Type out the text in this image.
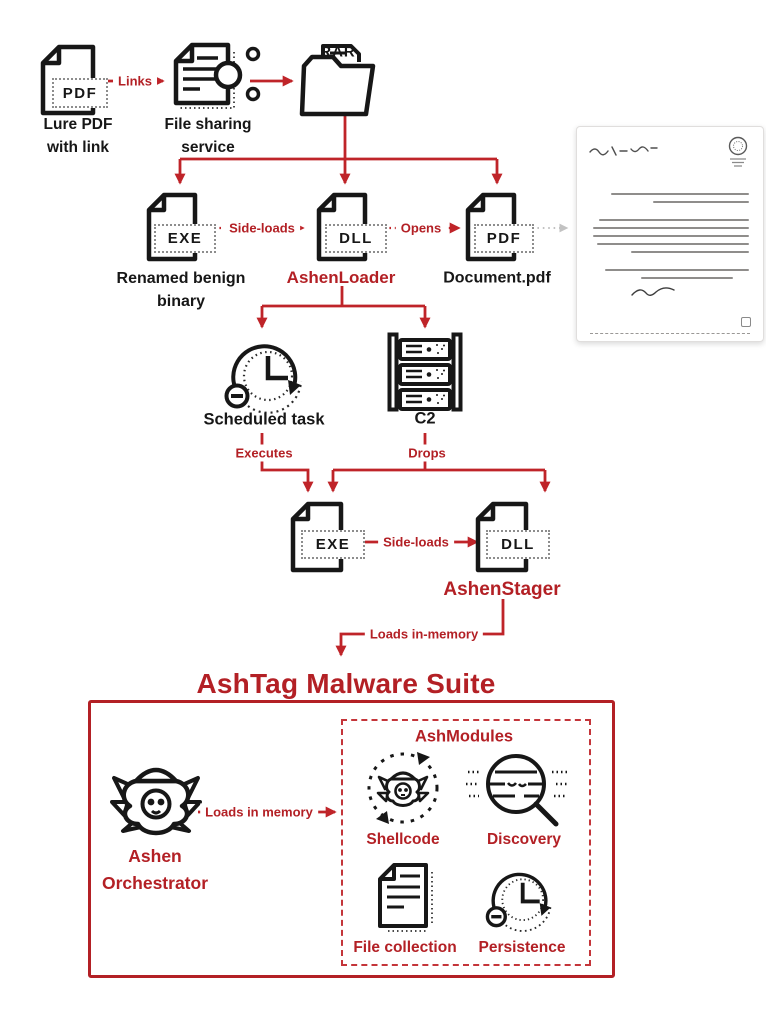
Links
Side-loads	Opens
Executes	Drops
Side-loads
Loads in-memory
Loads in memory
PDF
Lure PDF
with link
File sharing
service
RAR
EXE
Renamed benign
binary
DLL
AshenLoader
PDF
Document.pdf
Scheduled task	C2
EXE	DLL
AshenStager
AshTag Malware Suite
Ashen
Orchestrator
AshModules
Shellcode	Discovery
File collection Persistence
